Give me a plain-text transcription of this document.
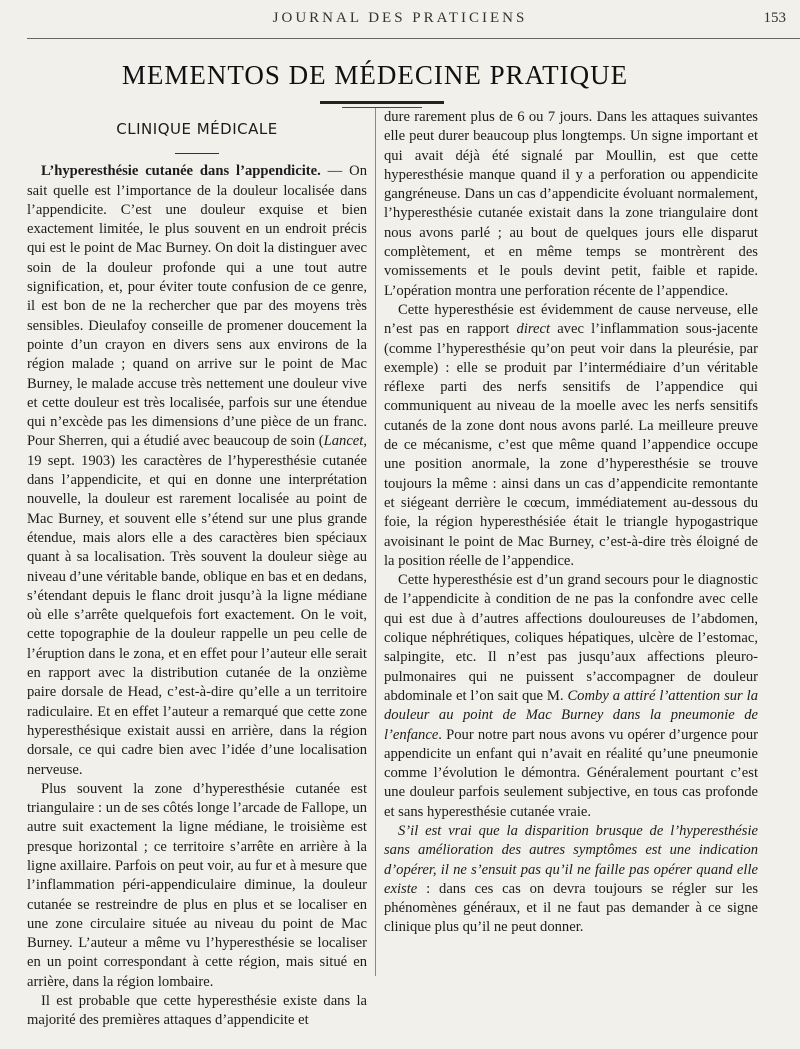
JOURNAL DES PRATICIENS	153
MEMENTOS DE MÉDECINE PRATIQUE
CLINIQUE MÉDICALE

L’hyperesthésie cutanée dans l’appendicite. — On sait quelle est l’importance de la douleur localisée dans l’appendicite. C’est une douleur exquise et bien exactement limitée, le plus souvent en un endroit précis qui est le point de Mac Burney. On doit la distinguer avec soin de la douleur profonde qui a une tout autre signification, et, pour éviter toute confusion de ce genre, il est bon de ne la rechercher que par des moyens très sensibles. Dieulafoy conseille de promener doucement la pointe d’un crayon en divers sens aux environs de la région malade ; quand on arrive sur le point de Mac Burney, le malade accuse très nettement une douleur vive et cette douleur est très localisée, parfois sur une étendue qui n’excède pas les dimensions d’une pièce de un franc. Pour Sherren, qui a étudié avec beaucoup de soin (Lancet, 19 sept. 1903) les caractères de l’hyperesthésie cutanée dans l’appendicite, et qui en donne une interprétation nouvelle, la douleur est rarement localisée au point de Mac Burney, et souvent elle s’étend sur une plus grande étendue, mais alors elle a des caractères bien spéciaux quant à sa localisation. Très souvent la douleur siège au niveau d’une véritable bande, oblique en bas et en dedans, s’étendant depuis le flanc droit jusqu’à la ligne médiane où elle s’arrête quelquefois fort exactement. On le voit, cette topographie de la douleur rappelle un peu celle de l’éruption dans le zona, et en effet pour l’auteur elle serait en rapport avec la distribution cutanée de la onzième paire dorsale de Head, c’est-à-dire qu’elle a un territoire radiculaire. Et en effet l’auteur a remarqué que cette zone hyperesthésique existait aussi en arrière, dans la région dorsale, ce qui cadre bien avec l’idée d’une localisation nerveuse.

Plus souvent la zone d’hyperesthésie cutanée est triangulaire : un de ses côtés longe l’arcade de Fallope, un autre suit exactement la ligne médiane, le troisième est presque horizontal ; ce territoire s’arrête en arrière à la ligne axillaire. Parfois on peut voir, au fur et à mesure que l’inflammation péri-appendiculaire diminue, la douleur cutanée se restreindre de plus en plus et se localiser en une zone circulaire située au niveau du point de Mac Burney. L’auteur a même vu l’hyperesthésie se localiser en un point correspondant à cette région, mais situé en arrière, dans la région lombaire.

Il est probable que cette hyperesthésie existe dans la majorité des premières attaques d’appendicite et

dure rarement plus de 6 ou 7 jours. Dans les attaques suivantes elle peut durer beaucoup plus longtemps. Un signe important et qui avait déjà été signalé par Moullin, est que cette hyperesthésie manque quand il y a perforation ou appendicite gangréneuse. Dans un cas d’appendicite évoluant normalement, l’hyperesthésie cutanée existait dans la zone triangulaire dont nous avons parlé ; au bout de quelques jours elle disparut complètement, et en même temps se montrèrent des vomissements et le pouls devint petit, faible et rapide. L’opération montra une perforation récente de l’appendice.

Cette hyperesthésie est évidemment de cause nerveuse, elle n’est pas en rapport direct avec l’inflammation sous-jacente (comme l’hyperesthésie qu’on peut voir dans la pleurésie, par exemple) : elle se produit par l’intermédiaire d’un véritable réflexe parti des nerfs sensitifs de l’appendice qui communiquent au niveau de la moelle avec les nerfs sensitifs cutanés de la zone dont nous avons parlé. La meilleure preuve de ce mécanisme, c’est que même quand l’appendice occupe une position anormale, la zone d’hyperesthésie se trouve toujours la même : ainsi dans un cas d’appendicite remontante et siégeant derrière le cœcum, immédiatement au-dessous du foie, la région hyperesthésiée était le triangle hypogastrique avoisinant le point de Mac Burney, c’est-à-dire très éloigné de la position réelle de l’appendice.

Cette hyperesthésie est d’un grand secours pour le diagnostic de l’appendicite à condition de ne pas la confondre avec celle qui est due à d’autres affections douloureuses de l’abdomen, colique néphrétiques, coliques hépatiques, ulcère de l’estomac, salpingite, etc. Il n’est pas jusqu’aux affections pleuro-pulmonaires qui ne puissent s’accompagner de douleur abdominale et l’on sait que M. Comby a attiré l’attention sur la douleur au point de Mac Burney dans la pneumonie de l’enfance. Pour notre part nous avons vu opérer d’urgence pour appendicite un enfant qui n’avait en réalité qu’une pneumonie comme l’évolution le démontra. Généralement pourtant c’est une douleur parfois seulement subjective, en tous cas profonde et sans hyperesthésie cutanée vraie.

S’il est vrai que la disparition brusque de l’hyperesthésie sans amélioration des autres symptômes est une indication d’opérer, il ne s’ensuit pas qu’il ne faille pas opérer quand elle existe : dans ces cas on devra toujours se régler sur les phénomènes généraux, et il ne faut pas demander à ce signe clinique plus qu’il ne peut donner.
